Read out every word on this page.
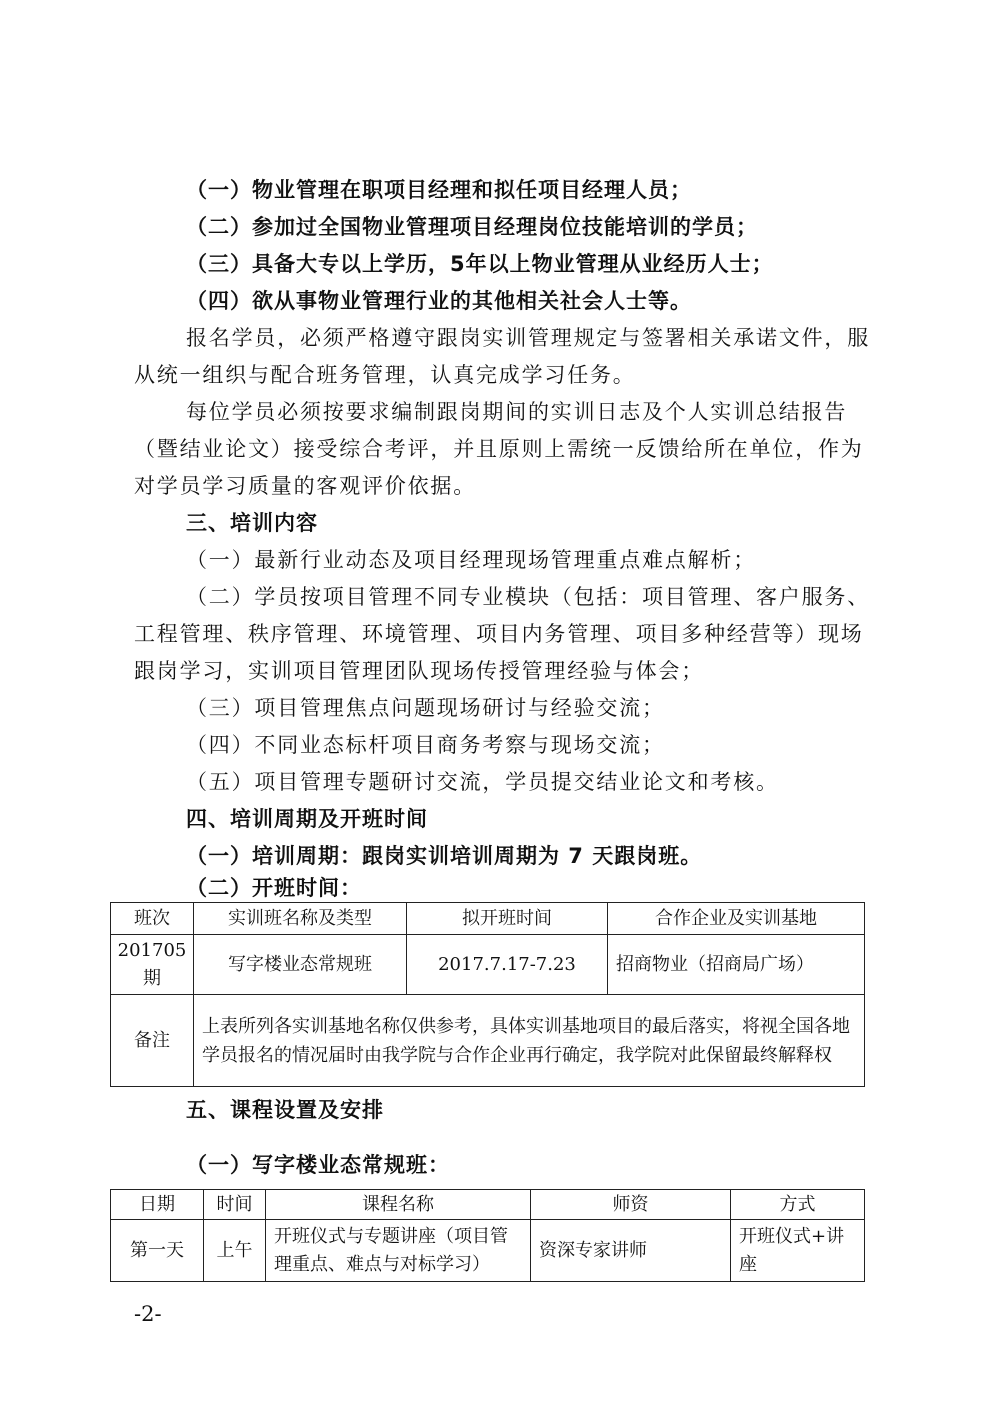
（一）物业管理在职项目经理和拟任项目经理人员；
（二）参加过全国物业管理项目经理岗位技能培训的学员；
（三）具备大专以上学历，5年以上物业管理从业经历人士；
（四）欲从事物业管理行业的其他相关社会人士等。
报名学员，必须严格遵守跟岗实训管理规定与签署相关承诺文件，服
从统一组织与配合班务管理，认真完成学习任务。
每位学员必须按要求编制跟岗期间的实训日志及个人实训总结报告
（暨结业论文）接受综合考评，并且原则上需统一反馈给所在单位，作为
对学员学习质量的客观评价依据。
三、培训内容
（一）最新行业动态及项目经理现场管理重点难点解析；
（二）学员按项目管理不同专业模块（包括：项目管理、客户服务、
工程管理、秩序管理、环境管理、项目内务管理、项目多种经营等）现场
跟岗学习，实训项目管理团队现场传授管理经验与体会；
（三）项目管理焦点问题现场研讨与经验交流；
（四）不同业态标杆项目商务考察与现场交流；
（五）项目管理专题研讨交流，学员提交结业论文和考核。
四、培训周期及开班时间
（一）培训周期：跟岗实训培训周期为 7 天跟岗班。
（二）开班时间：
班次	实训班名称及类型	拟开班时间	合作企业及实训基地
201705期	写字楼业态常规班	2017.7.17-7.23	招商物业（招商局广场）
备注	上表所列各实训基地名称仅供参考，具体实训基地项目的最后落实，将视全国各地学员报名的情况届时由我学院与合作企业再行确定，我学院对此保留最终解释权		
五、课程设置及安排
（一）写字楼业态常规班：
日期	时间	课程名称	师资	方式
第一天	上午	开班仪式与专题讲座（项目管理重点、难点与对标学习）	资深专家讲师	开班仪式+讲座
-2-
